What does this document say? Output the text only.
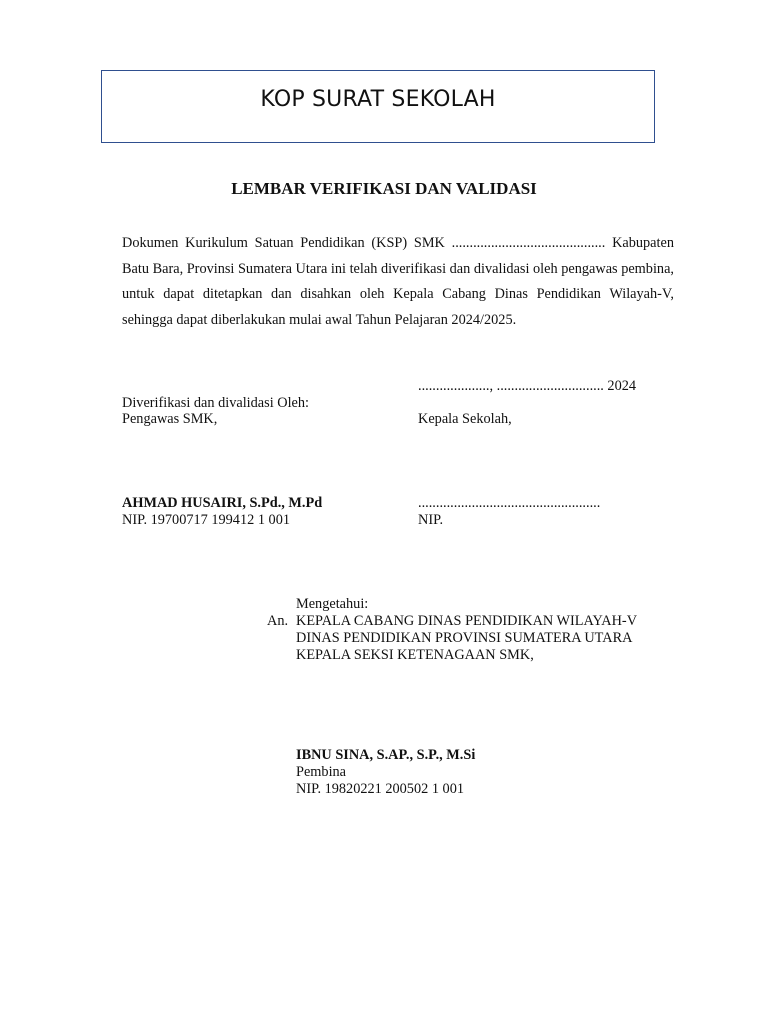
KOP SURAT SEKOLAH
LEMBAR VERIFIKASI DAN VALIDASI
Dokumen Kurikulum Satuan Pendidikan (KSP) SMK ........................................... Kabupaten Batu Bara, Provinsi Sumatera Utara ini telah diverifikasi dan divalidasi oleh pengawas pembina, untuk dapat ditetapkan dan disahkan oleh Kepala Cabang Dinas Pendidikan Wilayah-V, sehingga dapat diberlakukan mulai awal Tahun Pelajaran 2024/2025.
...................., .............................. 2024
Diverifikasi dan divalidasi Oleh:
Pengawas SMK,	Kepala Sekolah,
AHMAD HUSAIRI, S.Pd., M.Pd	...................................................
NIP. 19700717 199412 1 001	NIP.
An.
Mengetahui:
KEPALA CABANG DINAS PENDIDIKAN WILAYAH-V
DINAS PENDIDIKAN PROVINSI SUMATERA UTARA
KEPALA SEKSI KETENAGAAN SMK,
IBNU SINA, S.AP., S.P., M.Si
Pembina
NIP. 19820221 200502 1 001
